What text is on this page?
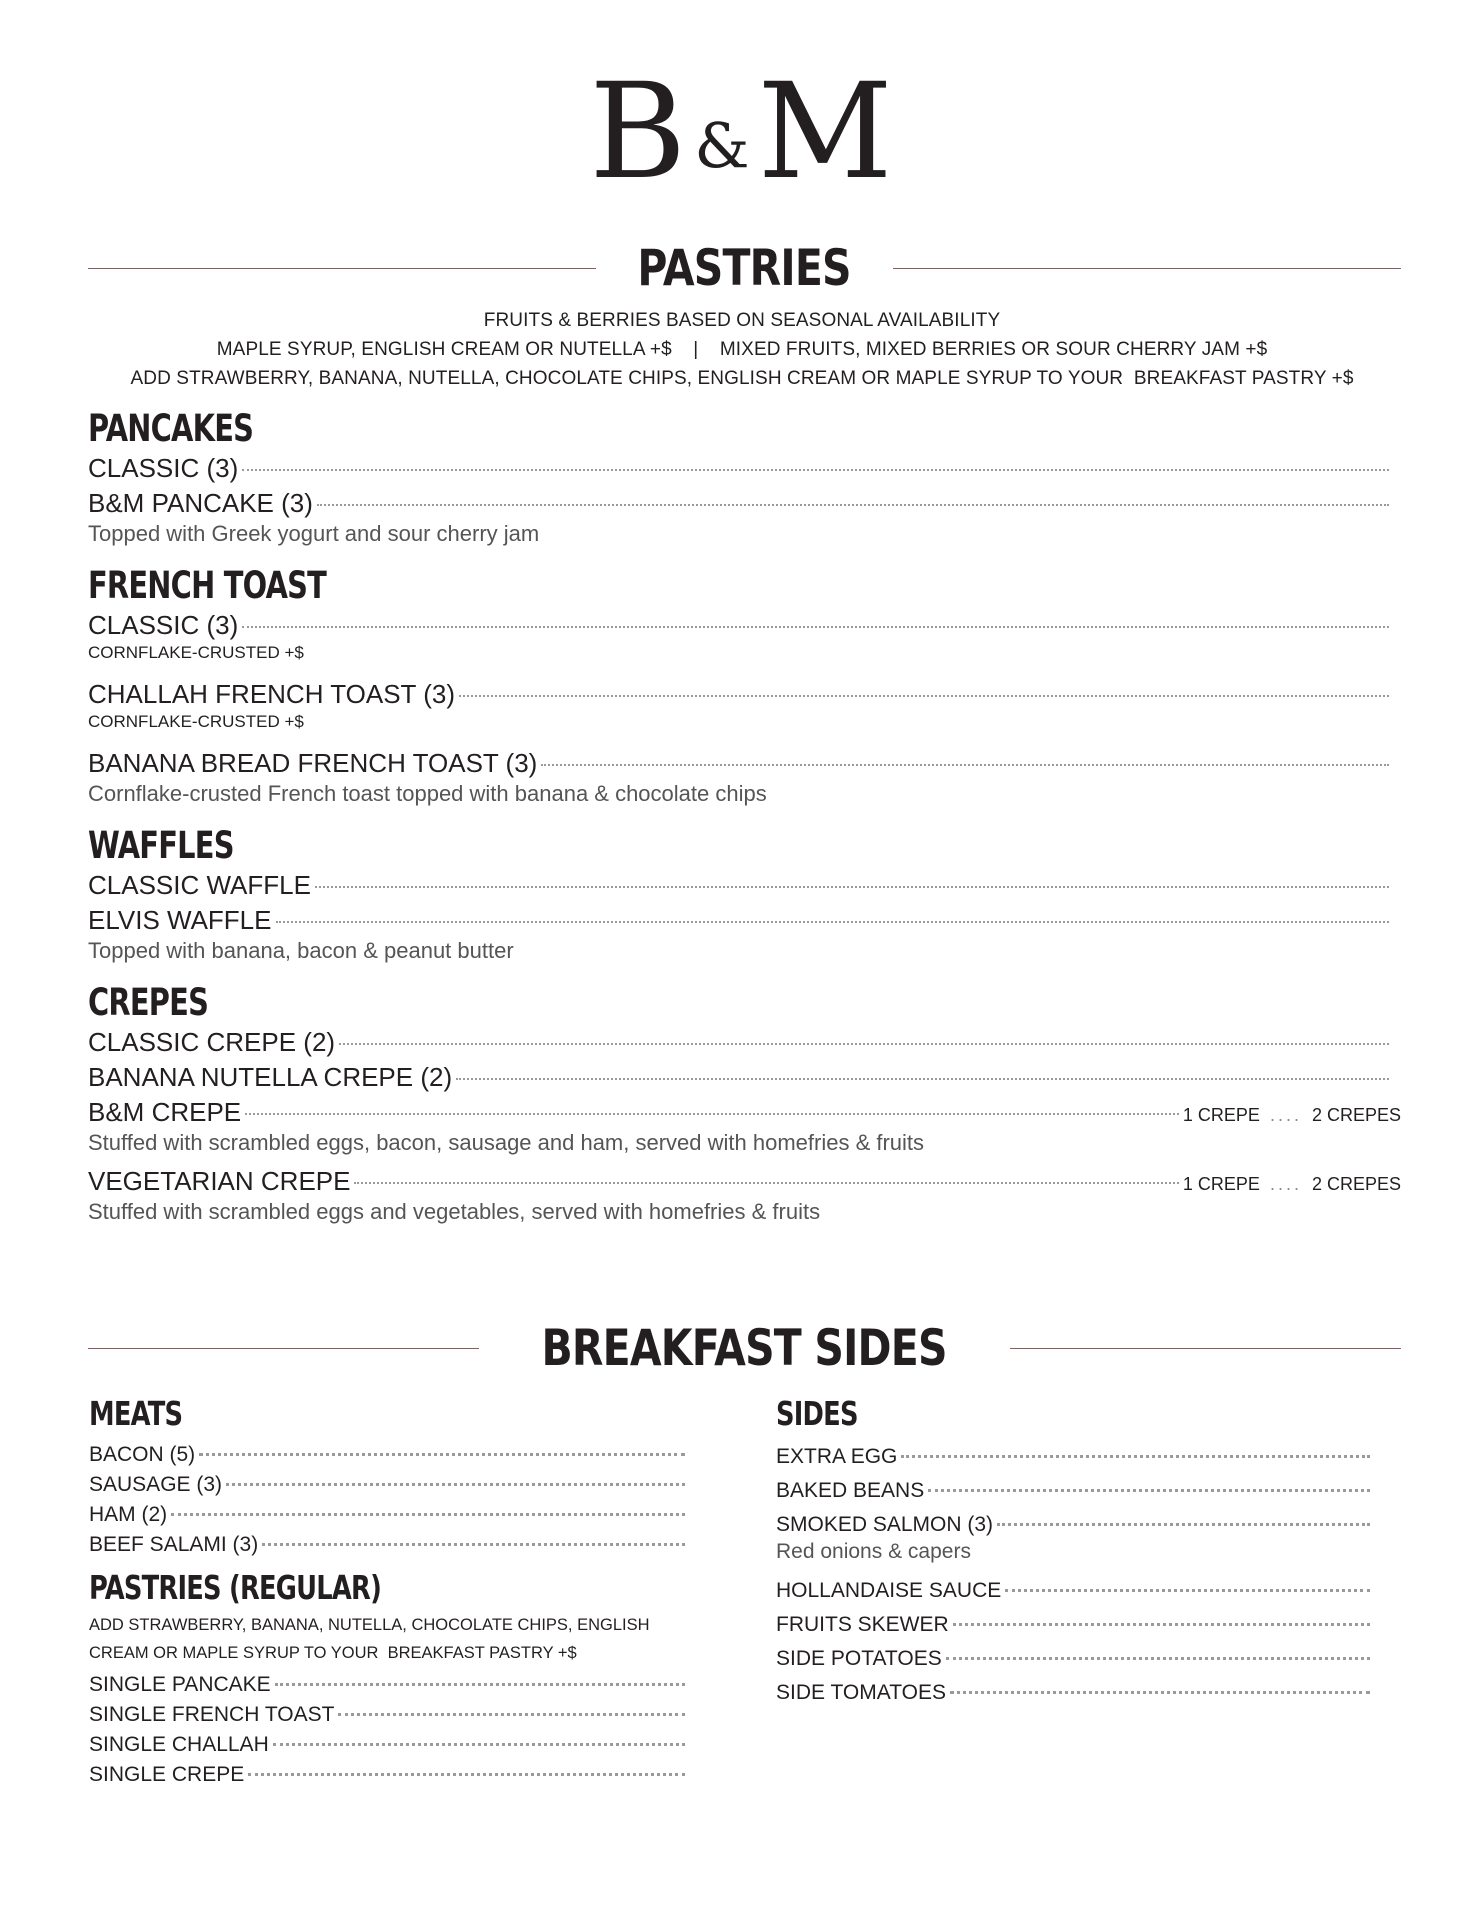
B&M
PASTRIES
FRUITS & BERRIES BASED ON SEASONAL AVAILABILITY
MAPLE SYRUP, ENGLISH CREAM OR NUTELLA +$    |    MIXED FRUITS, MIXED BERRIES OR SOUR CHERRY JAM +$
ADD STRAWBERRY, BANANA, NUTELLA, CHOCOLATE CHIPS, ENGLISH CREAM OR MAPLE SYRUP TO YOUR  BREAKFAST PASTRY +$
PANCAKES
CLASSIC (3)
B&M PANCAKE (3)
Topped with Greek yogurt and sour cherry jam
FRENCH TOAST
CLASSIC (3)
CORNFLAKE-CRUSTED +$
CHALLAH FRENCH TOAST (3)
CORNFLAKE-CRUSTED +$
BANANA BREAD FRENCH TOAST (3)
Cornflake-crusted French toast topped with banana & chocolate chips
WAFFLES
CLASSIC WAFFLE
ELVIS WAFFLE
Topped with banana, bacon & peanut butter
CREPES
CLASSIC CREPE (2)
BANANA NUTELLA CREPE (2)
B&M CREPE	1 CREPE .... 2 CREPES
Stuffed with scrambled eggs, bacon, sausage and ham, served with homefries & fruits
VEGETARIAN CREPE	1 CREPE .... 2 CREPES
Stuffed with scrambled eggs and vegetables, served with homefries & fruits
BREAKFAST SIDES
MEATS
BACON (5)
SAUSAGE (3)
HAM (2)
BEEF SALAMI (3)
PASTRIES (REGULAR)
ADD STRAWBERRY, BANANA, NUTELLA, CHOCOLATE CHIPS, ENGLISH
CREAM OR MAPLE SYRUP TO YOUR  BREAKFAST PASTRY +$
SINGLE PANCAKE
SINGLE FRENCH TOAST
SINGLE CHALLAH
SINGLE CREPE
SIDES
EXTRA EGG
BAKED BEANS
SMOKED SALMON (3)
Red onions & capers
HOLLANDAISE SAUCE
FRUITS SKEWER
SIDE POTATOES
SIDE TOMATOES
